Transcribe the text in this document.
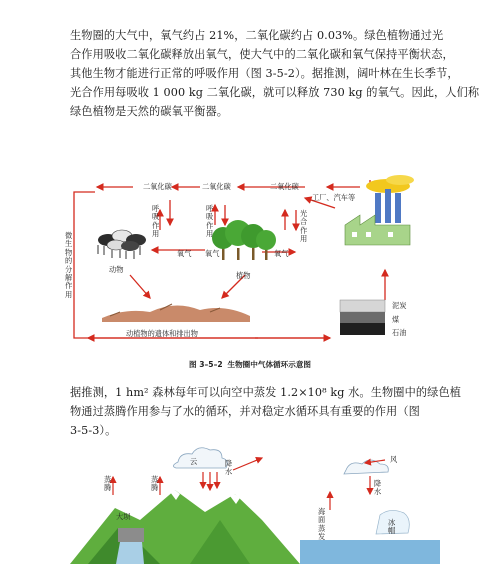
生物圈的大气中，氧气约占 21%，二氧化碳约占 0.03%。绿色植物通过光
合作用吸收二氧化碳释放出氧气，使大气中的二氧化碳和氧气保持平衡状态，
其他生物才能进行正常的呼吸作用（图 3-5-2）。据推测，阔叶林在生长季节，
光合作用每吸收 1 000 kg 二氧化碳，就可以释放 730 kg 的氧气。因此，人们称
绿色植物是天然的碳氧平衡器。
二氧化碳	二氧化碳	二氧化碳
呼吸作用
呼吸作用
光合作用
氧气 氧气	氧气
动物
植物
工厂、汽车等
微生物的分解作用
动植物的遗体和排出物
泥炭
煤
石油
图 3–5–2 生物圈中气体循环示意图
据推测，1 hm² 森林每年可以向空中蒸发 1.2×10⁸ kg 水。生物圈中的绿色植
物通过蒸腾作用参与了水的循环，并对稳定水循环具有重要的作用（图
3-5-3）。
云
蒸腾
蒸腾
降水
降水
风
海面蒸发
大坝
冰帽
